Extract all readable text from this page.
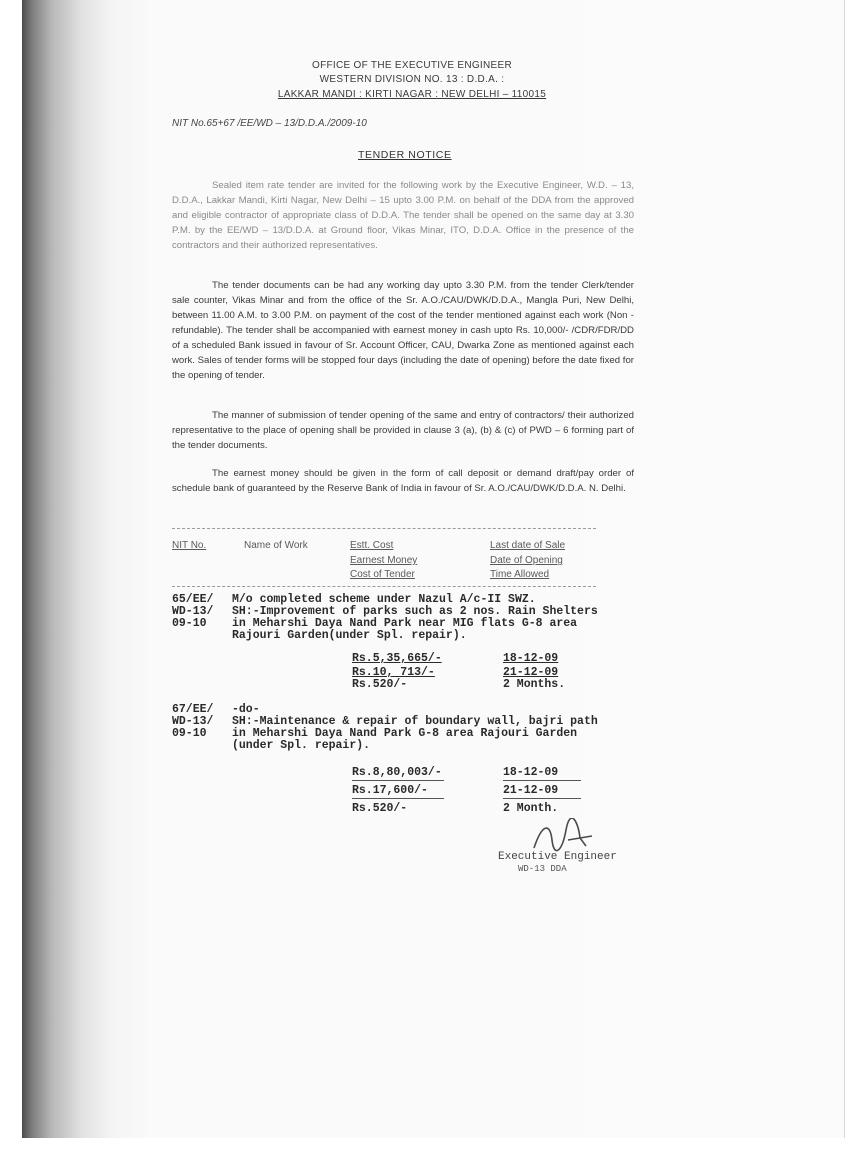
OFFICE OF THE EXECUTIVE ENGINEER
WESTERN DIVISION NO. 13 : D.D.A. :
LAKKAR MANDI : KIRTI NAGAR : NEW DELHI – 110015
NIT No.65+67 /EE/WD – 13/D.D.A./2009-10
TENDER NOTICE
Sealed item rate tender are invited for the following work by the Executive Engineer, W.D. – 13, D.D.A., Lakkar Mandi, Kirti Nagar, New Delhi – 15 upto 3.00 P.M. on behalf of the DDA from the approved and eligible contractor of appropriate class of D.D.A. The tender shall be opened on the same day at 3.30 P.M. by the EE/WD – 13/D.D.A. at Ground floor, Vikas Minar, ITO, D.D.A. Office in the presence of the contractors and their authorized representatives.
The tender documents can be had any working day upto 3.30 P.M. from the tender Clerk/tender sale counter, Vikas Minar and from the office of the Sr. A.O./CAU/DWK/D.D.A., Mangla Puri, New Delhi, between 11.00 A.M. to 3.00 P.M. on payment of the cost of the tender mentioned against each work (Non - refundable). The tender shall be accompanied with earnest money in cash upto Rs. 10,000/- /CDR/FDR/DD of a scheduled Bank issued in favour of Sr. Account Officer, CAU, Dwarka Zone as mentioned against each work. Sales of tender forms will be stopped four days (including the date of opening) before the date fixed for the opening of tender.
The manner of submission of tender opening of the same and entry of contractors/ their authorized representative to the place of opening shall be provided in clause 3 (a), (b) & (c) of PWD – 6 forming part of the tender documents.
The earnest money should be given in the form of call deposit or demand draft/pay order of schedule bank of guaranteed by the Reserve Bank of India in favour of Sr. A.O./CAU/DWK/D.D.A. N. Delhi.
NIT No.	Name of Work	Estt. Cost
Earnest Money
Cost of Tender
Last date of Sale
Date of Opening
Time Allowed
65/EE/
WD-13/
09-10
M/o completed scheme under Nazul A/c-II SWZ.
SH:-Improvement of parks such as 2 nos. Rain Shelters
in Meharshi Daya Nand Park near MIG flats G-8 area
Rajouri Garden(under Spl. repair).
Rs.5,35,665/-
Rs.10, 713/-
Rs.520/-
18-12-09
21-12-09
2 Months.
67/EE/
WD-13/
09-10
-do-
SH:-Maintenance & repair of boundary wall, bajri path
in Meharshi Daya Nand Park G-8 area Rajouri Garden
(under Spl. repair).
Rs.8,80,003/-
Rs.17,600/-
Rs.520/-
18-12-09
21-12-09
2 Month.
Executive Engineer
WD-13 DDA
